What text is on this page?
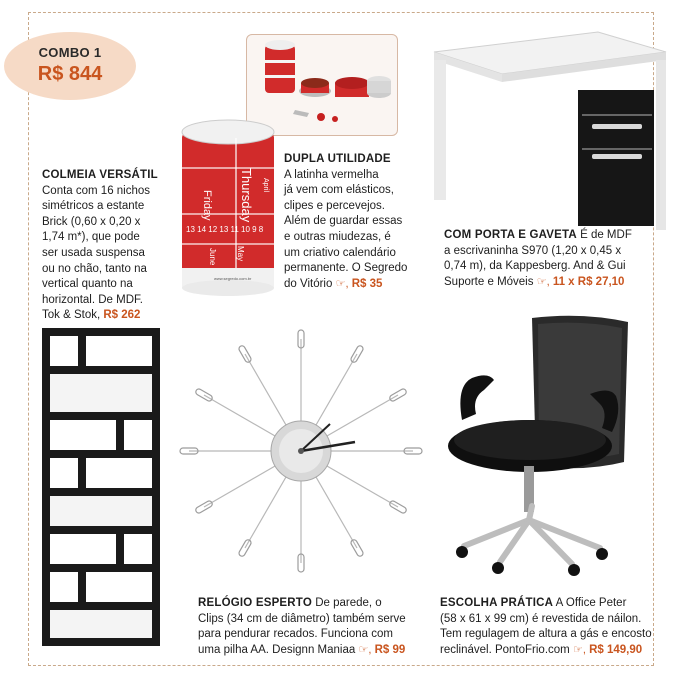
COMBO 1
R$ 844
Friday Thursday
13 14 12 13 11 10 9 8
June May
April
www.segredo.com.br
COLMEIA VERSÁTIL
Conta com 16 nichos
simétricos a estante
Brick (0,60 x 0,20 x
1,74 m*), que pode
ser usada suspensa
ou no chão, tanto na
vertical quanto na
horizontal. De MDF.
Tok & Stok, R$ 262
DUPLA UTILIDADE
A latinha vermelha
já vem com elásticos,
clipes e percevejos.
Além de guardar essas
e outras miudezas, é
um criativo calendário
permanente. O Segredo
do Vitório ☞, R$ 35
COM PORTA E GAVETA É de MDF
a escrivaninha S970 (1,20 x 0,45 x
0,74 m), da Kappesberg. And & Gui
Suporte e Móveis ☞, 11 x R$ 27,10
RELÓGIO ESPERTO De parede, o
Clips (34 cm de diâmetro) também serve
para pendurar recados. Funciona com
uma pilha AA. Designn Maniaa ☞, R$ 99
ESCOLHA PRÁTICA A Office Peter
(58 x 61 x 99 cm) é revestida de náilon.
Tem regulagem de altura a gás e encosto
reclinável. PontoFrio.com ☞, R$ 149,90
